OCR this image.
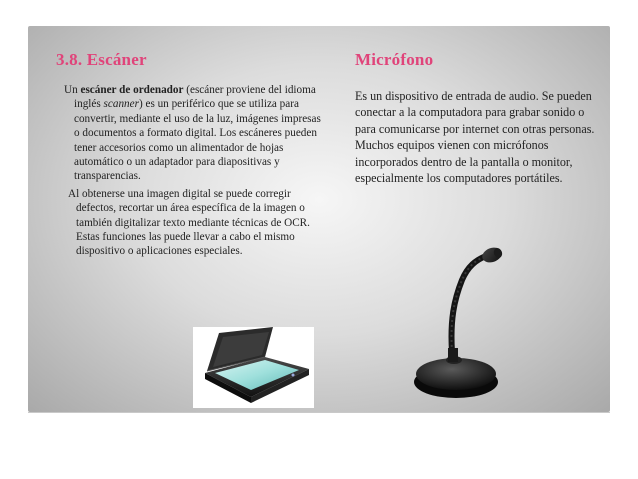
3.8. Escáner	Micrófono

Un escáner de ordenador (escáner proviene del idioma inglés scanner) es un periférico que se utiliza para convertir, mediante el uso de la luz, imágenes impresas o documentos a formato digital. Los escáneres pueden tener accesorios como un alimentador de hojas automático o un adaptador para diapositivas y transparencias.

Al obtenerse una imagen digital se puede corregir defectos, recortar un área específica de la imagen o también digitalizar texto mediante técnicas de OCR. Estas funciones las puede llevar a cabo el mismo dispositivo o aplicaciones especiales.

Es un dispositivo de entrada de audio. Se pueden conectar a la computadora para grabar sonido o para comunicarse por internet con otras personas. Muchos equipos vienen con micrófonos incorporados dentro de la pantalla o monitor, especialmente los computadores portátiles.
